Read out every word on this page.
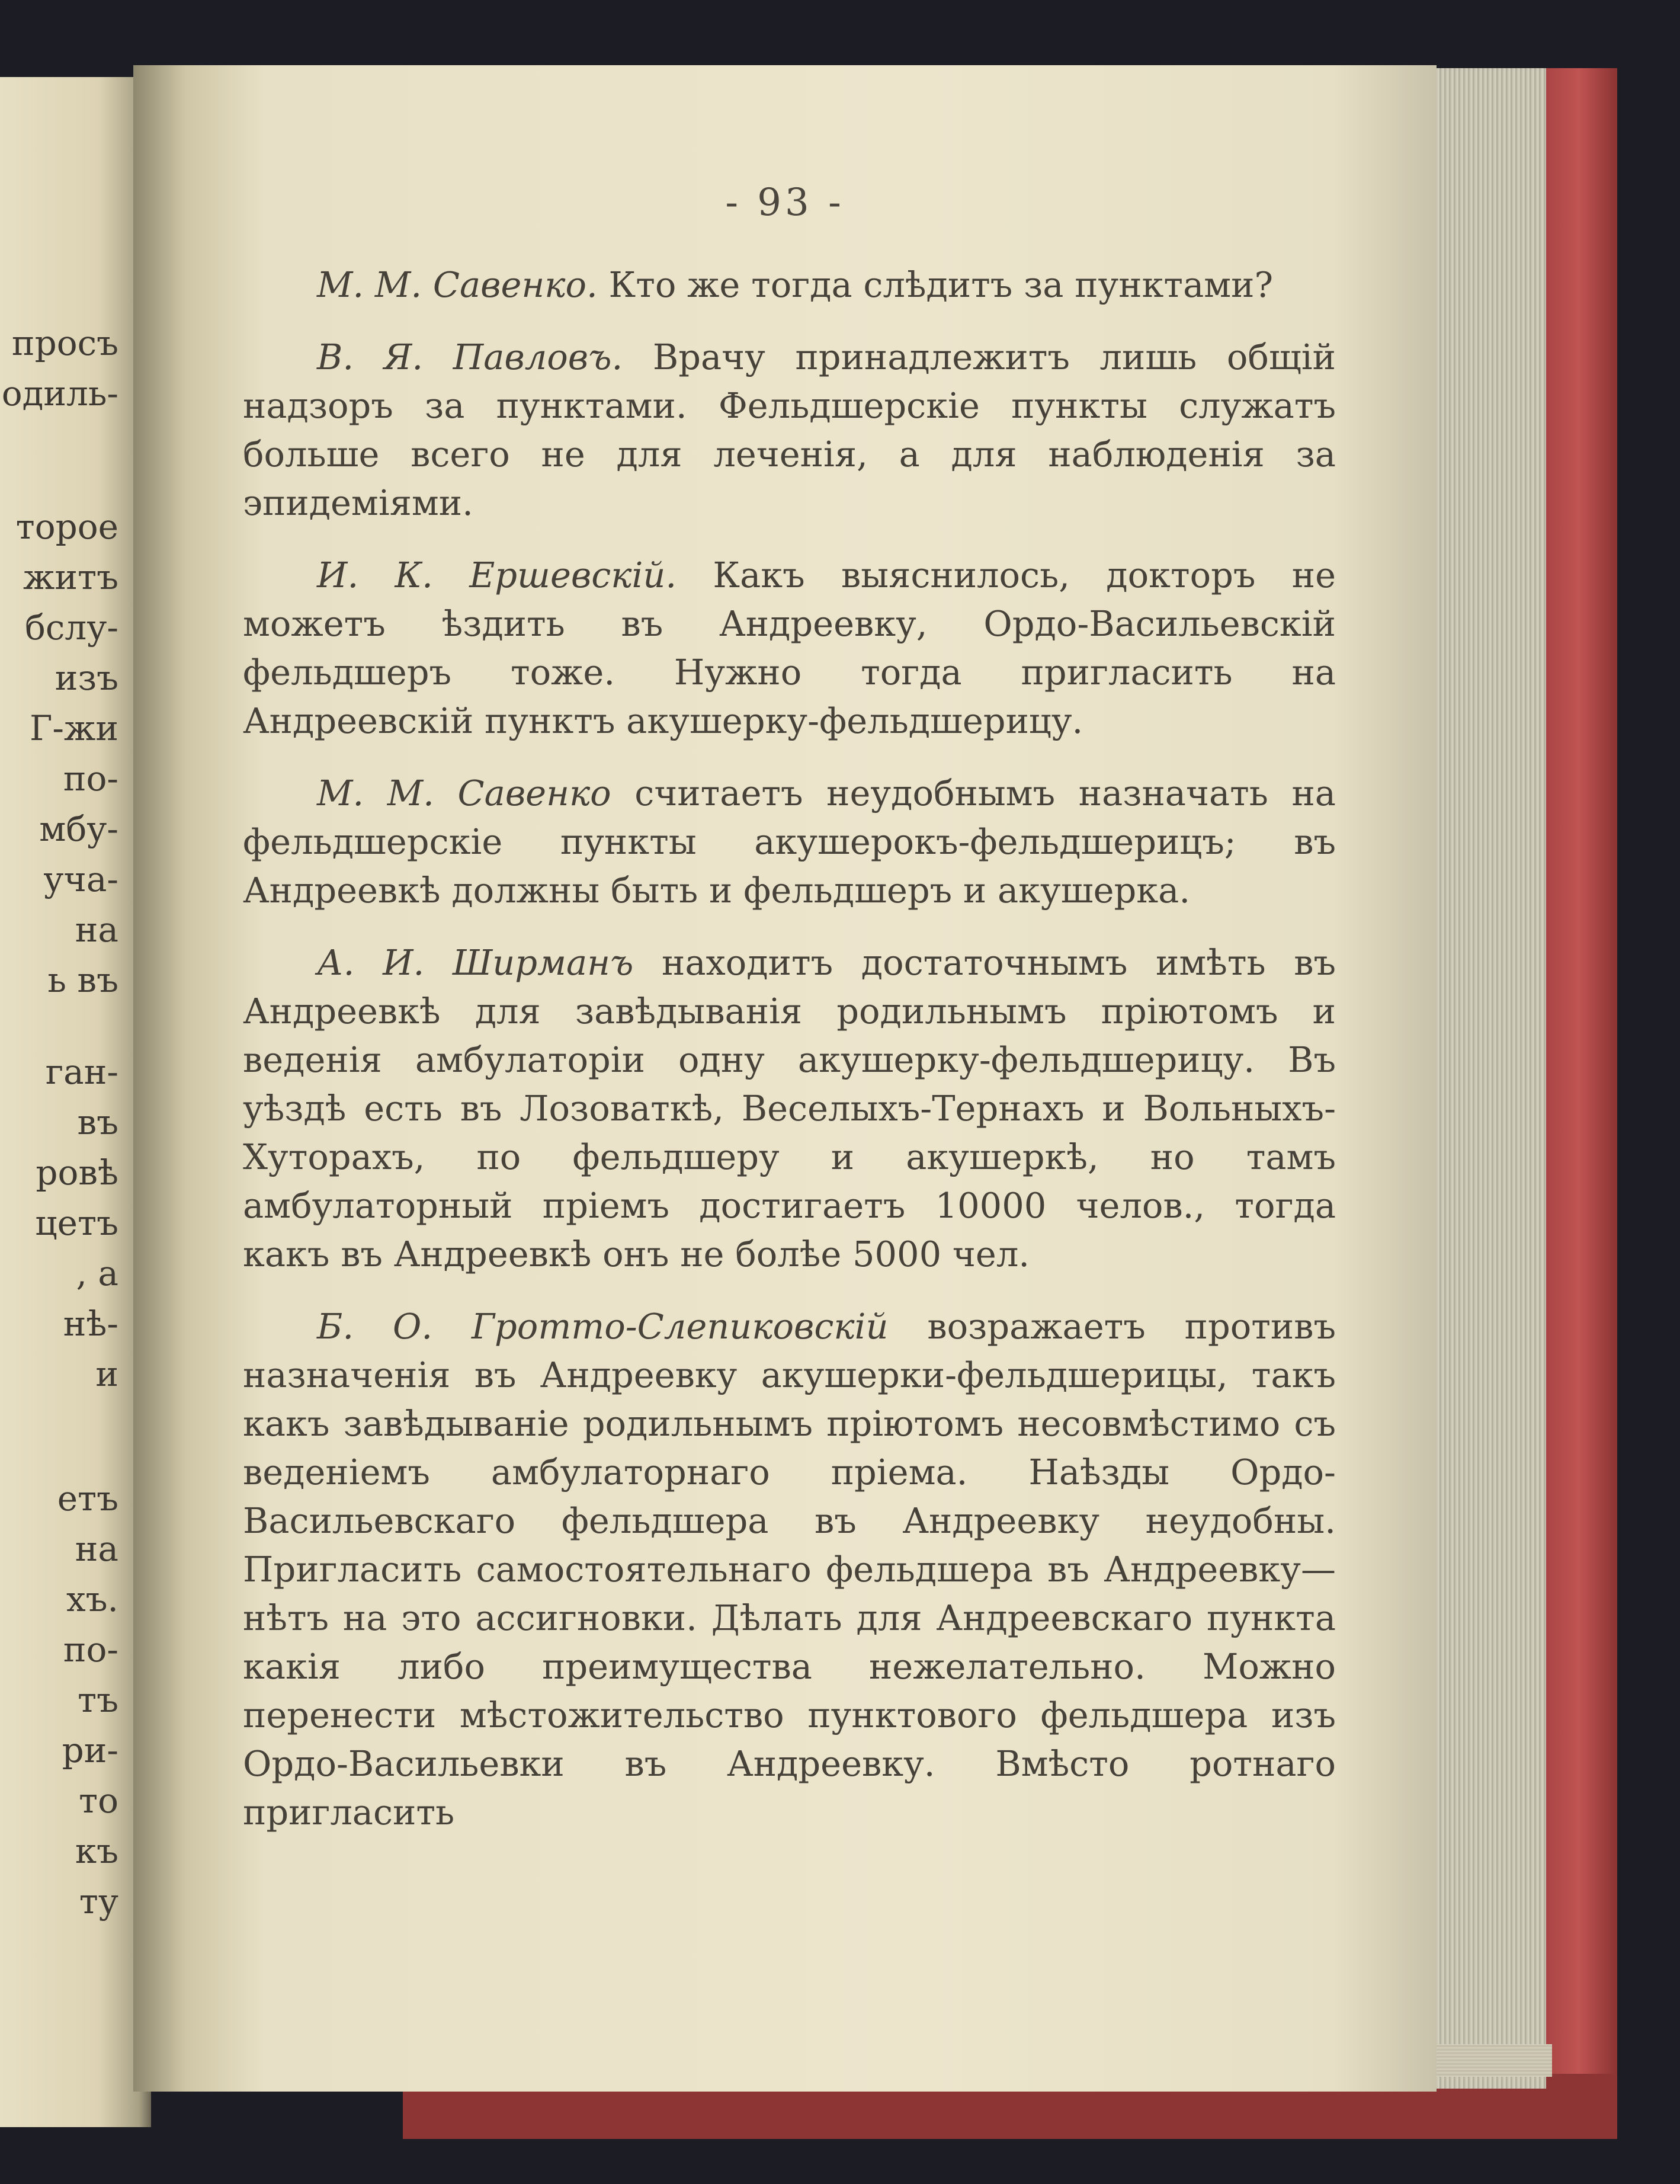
просъ
одиль-
торое
житъ
бслу-
изъ
Г-жи
по-
мбу-
уча-
на
ь въ
ган-
въ
ровѣ
цетъ
, а
нѣ-
и
етъ
на
хъ.
по-
тъ
ри-
то
къ
ту
- 93 -

М. М. Савенко. Кто же тогда слѣдитъ за пунктами?

В. Я. Павловъ. Врачу принадлежитъ лишь общій надзоръ за пунктами. Фельдшерскіе пункты служатъ больше всего не для леченія, а для наблюденія за эпидеміями.

И. К. Ершевскій. Какъ выяснилось, докторъ не можетъ ѣздить въ Андреевку, Ордо-Васильевскій фельдшеръ тоже. Нужно тогда пригласить на Андреевскій пунктъ акушерку-фельдшерицу.

М. М. Савенко считаетъ неудобнымъ назначать на фельдшерскіе пункты акушерокъ-фельдшерицъ; въ Андреевкѣ должны быть и фельдшеръ и акушерка.

А. И. Ширманъ находитъ достаточнымъ имѣть въ Андреевкѣ для завѣдыванія родильнымъ пріютомъ и веденія амбулаторіи одну акушерку-фельдшерицу. Въ уѣздѣ есть въ Лозоваткѣ, Веселыхъ-Тернахъ и Вольныхъ-Хуторахъ, по фельдшеру и акушеркѣ, но тамъ амбулаторный пріемъ достигаетъ 10000 челов., тогда какъ въ Андреевкѣ онъ не болѣе 5000 чел.

Б. О. Гротто-Слепиковскій возражаетъ противъ назначенія въ Андреевку акушерки-фельдшерицы, такъ какъ завѣдываніе родильнымъ пріютомъ несовмѣстимо съ веденіемъ амбулаторнаго пріема. Наѣзды Ордо-Васильевскаго фельдшера въ Андреевку неудобны. Пригласить самостоятельнаго фельдшера въ Андреевку—нѣтъ на это ассигновки. Дѣлать для Андреевскаго пункта какія либо преимущества нежелательно. Можно перенести мѣстожительство пунктового фельдшера изъ Ордо-Васильевки въ Андреевку. Вмѣсто ротнаго пригласить
